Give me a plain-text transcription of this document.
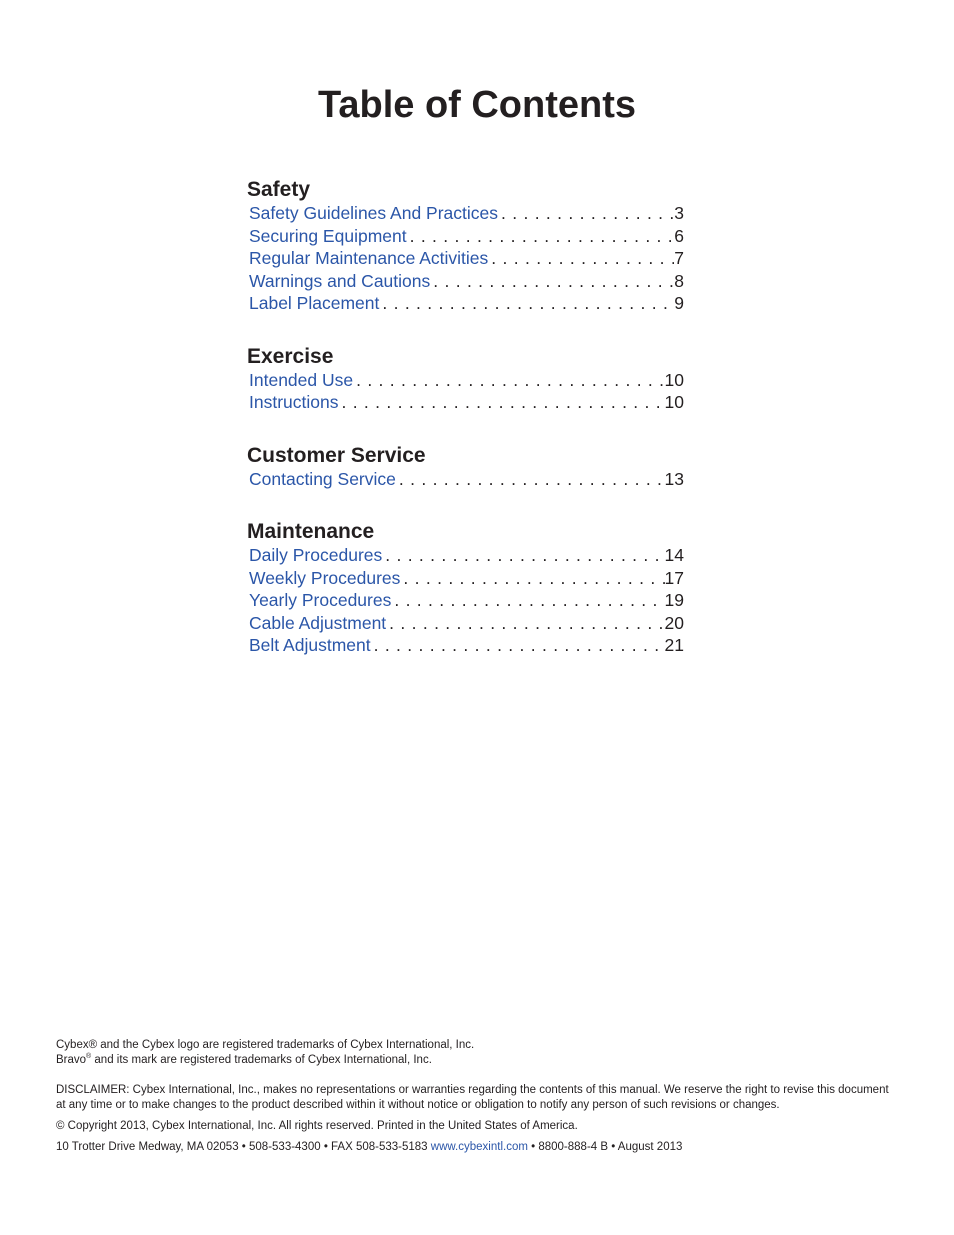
Table of Contents
Safety
Safety Guidelines And Practices . . .	3
Securing Equipment . . .	6
Regular Maintenance Activities . . .	7
Warnings and Cautions . . .	8
Label Placement . . .	9
Exercise
Intended Use . . .	10
Instructions . . .	10
Customer Service
Contacting Service . . .	13
Maintenance
Daily Procedures . . .	14
Weekly Procedures . . .	17
Yearly Procedures . . .	19
Cable Adjustment . . .	20
Belt Adjustment . . .	21

Cybex® and the Cybex logo are registered trademarks of Cybex International, Inc.

Bravo® and its mark are registered trademarks of Cybex International, Inc.

DISCLAIMER: Cybex International, Inc., makes no representations or warranties regarding the contents of this manual. We reserve the right to revise this document at any time or to make changes to the product described within it without notice or obligation to notify any person of such revisions or changes.

© Copyright 2013, Cybex International, Inc. All rights reserved. Printed in the United States of America.

10 Trotter Drive Medway, MA 02053 • 508-533-4300 • FAX 508-533-5183 www.cybexintl.com • 8800-888-4 B • August 2013
